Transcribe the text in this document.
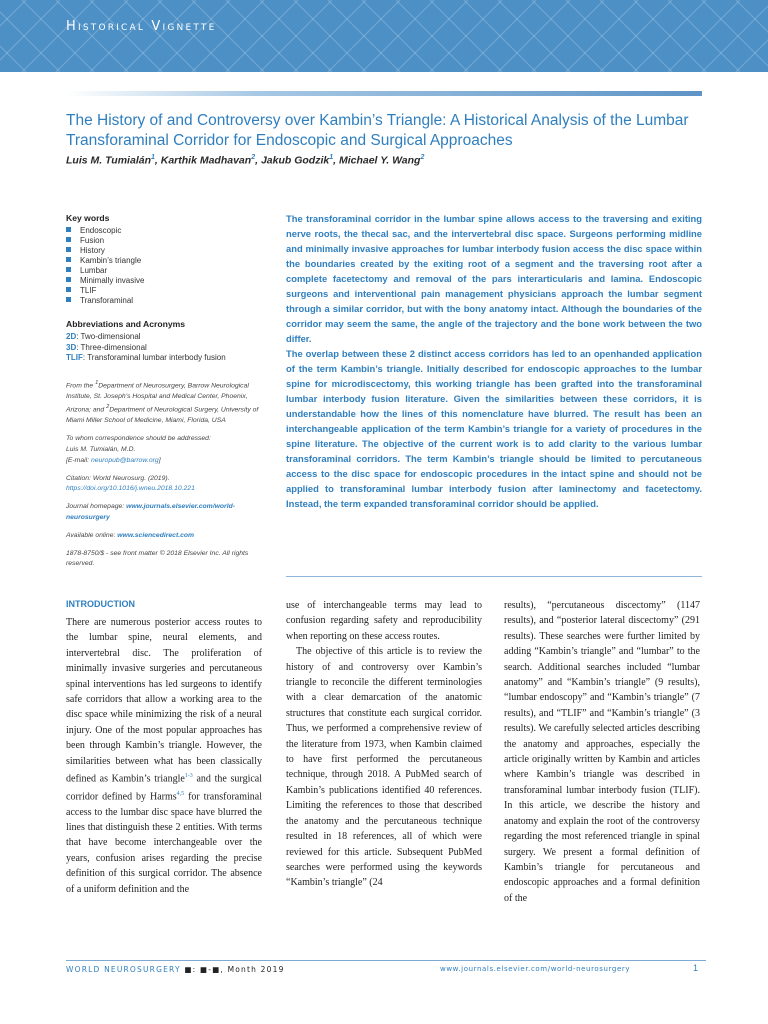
Historical Vignette
The History of and Controversy over Kambin’s Triangle: A Historical Analysis of the Lumbar Transforaminal Corridor for Endoscopic and Surgical Approaches
Luis M. Tumialán$^1$, Karthik Madhavan$^2$, Jakub Godzik$^1$, Michael Y. Wang$^2$
Key words
Endoscopic
Fusion
History
Kambin’s triangle
Lumbar
Minimally invasive
TLIF
Transforaminal
Abbreviations and Acronyms
2D: Two-dimensional
3D: Three-dimensional
TLIF: Transforaminal lumbar interbody fusion

From the $^1$Department of Neurosurgery, Barrow Neurological Institute, St. Joseph’s Hospital and Medical Center, Phoenix, Arizona; and $^2$Department of Neurological Surgery, University of Miami Miller School of Medicine, Miami, Florida, USA

To whom correspondence should be addressed:
Luis M. Tumialán, M.D.
[E-mail: neuropub@barrow.org]

Citation: World Neurosurg. (2019).
https://doi.org/10.1016/j.wneu.2018.10.221

Journal homepage: www.journals.elsevier.com/world-neurosurgery

Available online: www.sciencedirect.com

1878-8750/$ - see front matter © 2018 Elsevier Inc. All rights reserved.

The transforaminal corridor in the lumbar spine allows access to the traversing and exiting nerve roots, the thecal sac, and the intervertebral disc space. Surgeons performing midline and minimally invasive approaches for lumbar interbody fusion access the disc space within the boundaries created by the exiting root of a segment and the traversing root after a complete facetectomy and removal of the pars interarticularis and lamina. Endoscopic surgeons and interventional pain management physicians approach the lumbar segment through a similar corridor, but with the bony anatomy intact. Although the boundaries of the corridor may seem the same, the angle of the trajectory and the bone work between the two differ.

The overlap between these 2 distinct access corridors has led to an openhanded application of the term Kambin’s triangle. Initially described for endoscopic approaches to the lumbar spine for microdiscectomy, this working triangle has been grafted into the transforaminal lumbar interbody fusion literature. Given the similarities between these corridors, it is understandable how the lines of this nomenclature have blurred. The result has been an interchangeable application of the term Kambin’s triangle for a variety of procedures in the spine literature. The objective of the current work is to add clarity to the various lumbar transforaminal corridors. The term Kambin’s triangle should be limited to percutaneous access to the disc space for endoscopic procedures in the intact spine and should not be applied to transforaminal lumbar interbody fusion after laminectomy and facetectomy. Instead, the term expanded transforaminal corridor should be applied.

INTRODUCTION

There are numerous posterior access routes to the lumbar spine, neural elements, and intervertebral disc. The proliferation of minimally invasive surgeries and percutaneous spinal interventions has led surgeons to identify safe corridors that allow a working area to the disc space while minimizing the risk of a neural injury. One of the most popular approaches has been through Kambin’s triangle. However, the similarities between what has been classically defined as Kambin’s triangle$^{1-3}$ and the surgical corridor defined by Harms$^{4,5}$ for transforaminal access to the lumbar disc space have blurred the lines that distinguish these 2 entities. With terms that have become interchangeable over the years, confusion arises regarding the precise definition of this surgical corridor. The absence of a uniform definition and the

use of interchangeable terms may lead to confusion regarding safety and reproducibility when reporting on these access routes.

The objective of this article is to review the history of and controversy over Kambin’s triangle to reconcile the different terminologies with a clear demarcation of the anatomic structures that constitute each surgical corridor. Thus, we performed a comprehensive review of the literature from 1973, when Kambin claimed to have first performed the percutaneous technique, through 2018. A PubMed search of Kambin’s publications identified 40 references. Limiting the references to those that described the anatomy and the percutaneous technique resulted in 18 references, all of which were reviewed for this article. Subsequent PubMed searches were performed using the keywords “Kambin’s triangle” (24

results), “percutaneous discectomy” (1147 results), and “posterior lateral discectomy” (291 results). These searches were further limited by adding “Kambin’s triangle” and “lumbar” to the search. Additional searches included “lumbar anatomy” and “Kambin’s triangle” (9 results), “lumbar endoscopy” and “Kambin’s triangle” (7 results), and “TLIF” and “Kambin’s triangle” (3 results). We carefully selected articles describing the anatomy and approaches, especially the article originally written by Kambin and articles where Kambin’s triangle was described in transforaminal lumbar interbody fusion (TLIF). In this article, we describe the history and anatomy and explain the root of the controversy regarding the most referenced triangle in spinal surgery. We present a formal definition of Kambin’s triangle for percutaneous and endoscopic approaches and a formal definition of the

WORLD NEUROSURGERY ■: ■-■, Month 2019	www.journals.elsevier.com/world-neurosurgery	1
